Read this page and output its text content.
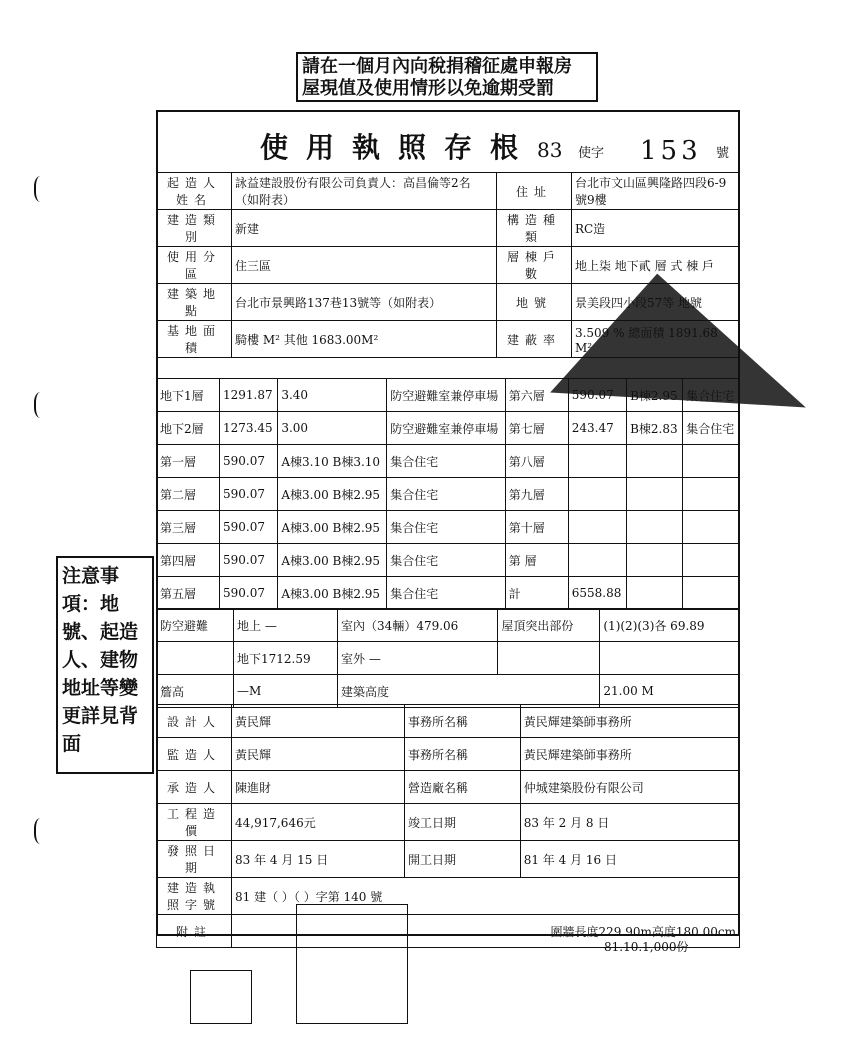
請在一個月內向稅捐稽征處申報房
屋現值及使用情形以免逾期受罰
使用執照存根 83 使字 153 號
起造人姓名	詠益建設股份有限公司負責人：高昌倫等2名（如附表）	住址	台北市文山區興隆路四段6-9號9樓
建造類別	新建	構造種類	RC造
使用分區	住三區	層棟戶數	地上柒 地下貳 層 式 棟 戶
建築地點	台北市景興路137巷13號等（如附表）	地號	景美段四小段57等 地號
基地面積	騎樓 M² 其他 1683.00M²	建蔽率	3.509 % 總面積 1891.68 M²
地下1層	1291.87	3.40	防空避難室兼停車場	第六層	590.07	B棟2.95	集合住宅
地下2層	1273.45	3.00	防空避難室兼停車場	第七層	243.47	B棟2.83	集合住宅
第一層	590.07	A棟3.10 B棟3.10	集合住宅	第八層			
第二層	590.07	A棟3.00 B棟2.95	集合住宅	第九層			
第三層	590.07	A棟3.00 B棟2.95	集合住宅	第十層			
第四層	590.07	A棟3.00 B棟2.95	集合住宅	第 層			
第五層	590.07	A棟3.00 B棟2.95	集合住宅	計	6558.88		
防空避難	地上 —	室內（34輛）479.06	屋頂突出部份	(1)(2)(3)各 69.89
	地下1712.59	室外 —		
簷高	—M	建築高度		21.00 M
設計人	黃民輝	事務所名稱	黃民輝建築師事務所
監造人	黃民輝	事務所名稱	黃民輝建築師事務所
承造人	陳進財	營造廠名稱	仲城建築股份有限公司
工程造價	44,917,646元	竣工日期	83 年 2 月 8 日
發照日期	83 年 4 月 15 日	開工日期	81 年 4 月 16 日
建造執照字號	81 建（ ）（ ）字第 140 號		
附註	圍牆長度229.90m高度180.00cm		
注意事項：地號、起造人、建物地址等變更詳見背面
81.10.1,000份
